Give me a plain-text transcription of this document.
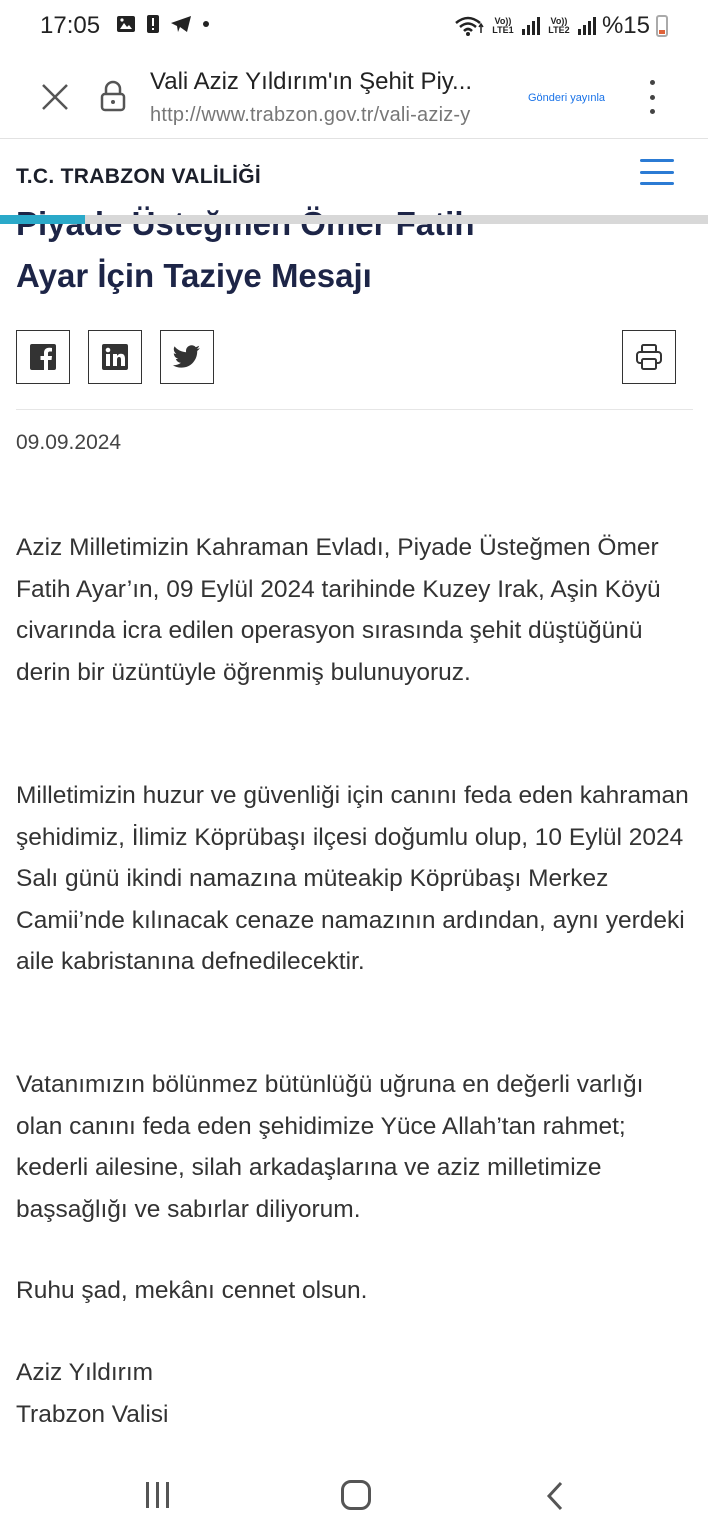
17:05	Vo)) LTE1
Vo)) LTE2 %15
Vali Aziz Yıldırım'ın Şehit Piy...
http://www.trabzon.gov.tr/vali-aziz-y
Gönderi yayınla
T.C. TRABZON VALİLİĞİ
Ayar İçin Taziye Mesajı
09.09.2024

Aziz Milletimizin Kahraman Evladı, Piyade Üsteğmen Ömer Fatih Ayar’ın, 09 Eylül 2024 tarihinde Kuzey Irak, Aşin Köyü civarında icra edilen operasyon sırasında şehit düştüğünü derin bir üzüntüyle öğrenmiş bulunuyoruz.

Milletimizin huzur ve güvenliği için canını feda eden kahraman şehidimiz, İlimiz Köprübaşı ilçesi doğumlu olup, 10 Eylül 2024 Salı günü ikindi namazına müteakip Köprübaşı Merkez Camii’nde kılınacak cenaze namazının ardından, aynı yerdeki aile kabristanına defnedilecektir.

Vatanımızın bölünmez bütünlüğü uğruna en değerli varlığı olan canını feda eden şehidimize Yüce Allah’tan rahmet; kederli ailesine, silah arkadaşlarına ve aziz milletimize başsağlığı ve sabırlar diliyorum.

Ruhu şad, mekânı cennet olsun.

Aziz Yıldırım

Trabzon Valisi
